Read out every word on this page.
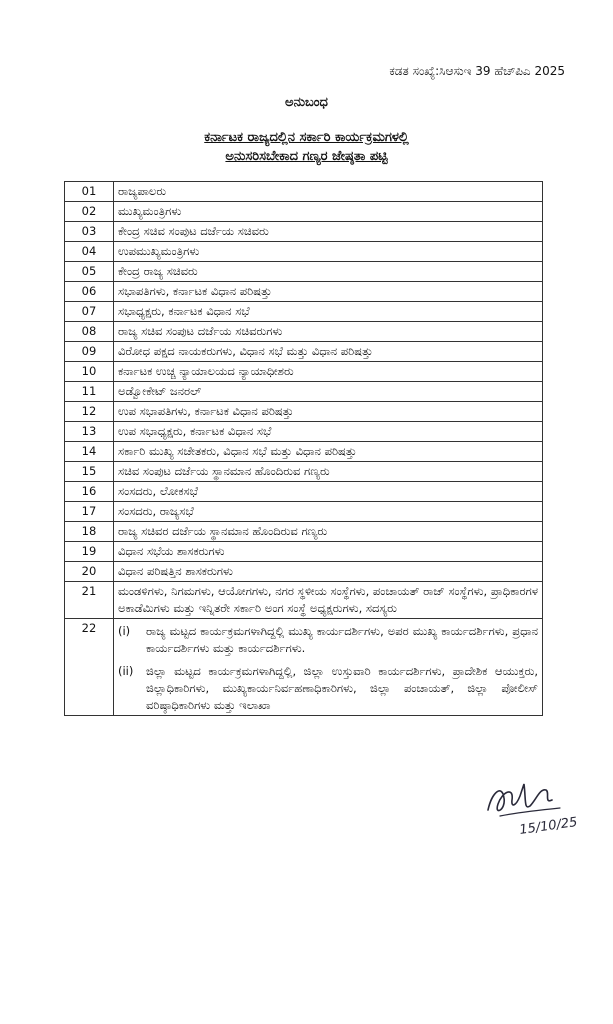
ಕಡತ ಸಂಖ್ಯೆ:ಸಿಆಸುಇ 39 ಹೆಚ್‌ಪಿಎ 2025
ಅನುಬಂಧ
ಕರ್ನಾಟಕ ರಾಜ್ಯದಲ್ಲಿನ ಸರ್ಕಾರಿ ಕಾರ್ಯಕ್ರಮಗಳಲ್ಲಿ
ಅನುಸರಿಸಬೇಕಾದ ಗಣ್ಯರ ಜೇಷ್ಠತಾ ಪಟ್ಟಿ
01	ರಾಜ್ಯಪಾಲರು
02	ಮುಖ್ಯಮಂತ್ರಿಗಳು
03	ಕೇಂದ್ರ ಸಚಿವ ಸಂಪುಟ ದರ್ಜೆಯ ಸಚಿವರು
04	ಉಪಮುಖ್ಯಮಂತ್ರಿಗಳು
05	ಕೇಂದ್ರ ರಾಜ್ಯ ಸಚಿವರು
06	ಸಭಾಪತಿಗಳು, ಕರ್ನಾಟಕ ವಿಧಾನ ಪರಿಷತ್ತು
07	ಸಭಾಧ್ಯಕ್ಷರು, ಕರ್ನಾಟಕ ವಿಧಾನ ಸಭೆ
08	ರಾಜ್ಯ ಸಚಿವ ಸಂಪುಟ ದರ್ಜೆಯ ಸಚಿವರುಗಳು
09	ವಿರೋಧ ಪಕ್ಷದ ನಾಯಕರುಗಳು, ವಿಧಾನ ಸಭೆ ಮತ್ತು ವಿಧಾನ ಪರಿಷತ್ತು
10	ಕರ್ನಾಟಕ ಉಚ್ಚ ನ್ಯಾಯಾಲಯದ ನ್ಯಾಯಾಧೀಶರು
11	ಅಡ್ವೋಕೇಟ್ ಜನರಲ್
12	ಉಪ ಸಭಾಪತಿಗಳು, ಕರ್ನಾಟಕ ವಿಧಾನ ಪರಿಷತ್ತು
13	ಉಪ ಸಭಾಧ್ಯಕ್ಷರು, ಕರ್ನಾಟಕ ವಿಧಾನ ಸಭೆ
14	ಸರ್ಕಾರಿ ಮುಖ್ಯ ಸಚೇತಕರು, ವಿಧಾನ ಸಭೆ ಮತ್ತು ವಿಧಾನ ಪರಿಷತ್ತು
15	ಸಚಿವ ಸಂಪುಟ ದರ್ಜೆಯ ಸ್ಥಾನಮಾನ ಹೊಂದಿರುವ ಗಣ್ಯರು
16	ಸಂಸದರು, ಲೋಕಸಭೆ
17	ಸಂಸದರು, ರಾಜ್ಯಸಭೆ
18	ರಾಜ್ಯ ಸಚಿವರ ದರ್ಜೆಯ ಸ್ಥಾನಮಾನ ಹೊಂದಿರುವ ಗಣ್ಯರು
19	ವಿಧಾನ ಸಭೆಯ ಶಾಸಕರುಗಳು
20	ವಿಧಾನ ಪರಿಷತ್ತಿನ ಶಾಸಕರುಗಳು
21	ಮಂಡಳಿಗಳು, ನಿಗಮಗಳು, ಆಯೋಗಗಳು, ನಗರ ಸ್ಥಳೀಯ ಸಂಸ್ಥೆಗಳು, ಪಂಚಾಯತ್ ರಾಜ್ ಸಂಸ್ಥೆಗಳು, ಪ್ರಾಧಿಕಾರಗಳ ಅಕಾಡೆಮಿಗಳು ಮತ್ತು ಇನ್ನಿತರೇ ಸರ್ಕಾರಿ ಅಂಗ ಸಂಸ್ಥೆ ಅಧ್ಯಕ್ಷರುಗಳು, ಸದಸ್ಯರು
22	(i) ರಾಜ್ಯ ಮಟ್ಟದ ಕಾರ್ಯಕ್ರಮಗಳಾಗಿದ್ದಲ್ಲಿ ಮುಖ್ಯ ಕಾರ್ಯದರ್ಶಿಗಳು, ಅಪರ ಮುಖ್ಯ ಕಾರ್ಯದರ್ಶಿಗಳು, ಪ್ರಧಾನ ಕಾರ್ಯದರ್ಶಿಗಳು ಮತ್ತು ಕಾರ್ಯದರ್ಶಿಗಳು.
(ii) ಜಿಲ್ಲಾ ಮಟ್ಟದ ಕಾರ್ಯಕ್ರಮಗಳಾಗಿದ್ದಲ್ಲಿ, ಜಿಲ್ಲಾ ಉಸ್ತುವಾರಿ ಕಾರ್ಯದರ್ಶಿಗಳು, ಪ್ರಾದೇಶಿಕ ಆಯುಕ್ತರು, ಜಿಲ್ಲಾಧಿಕಾರಿಗಳು, ಮುಖ್ಯಕಾರ್ಯನಿರ್ವಹಣಾಧಿಕಾರಿಗಳು, ಜಿಲ್ಲಾ ಪಂಚಾಯತ್, ಜಿಲ್ಲಾ ಪೋಲೀಸ್ ವರಿಷ್ಠಾಧಿಕಾರಿಗಳು ಮತ್ತು ಇಲಾಖಾ
15/10/25
